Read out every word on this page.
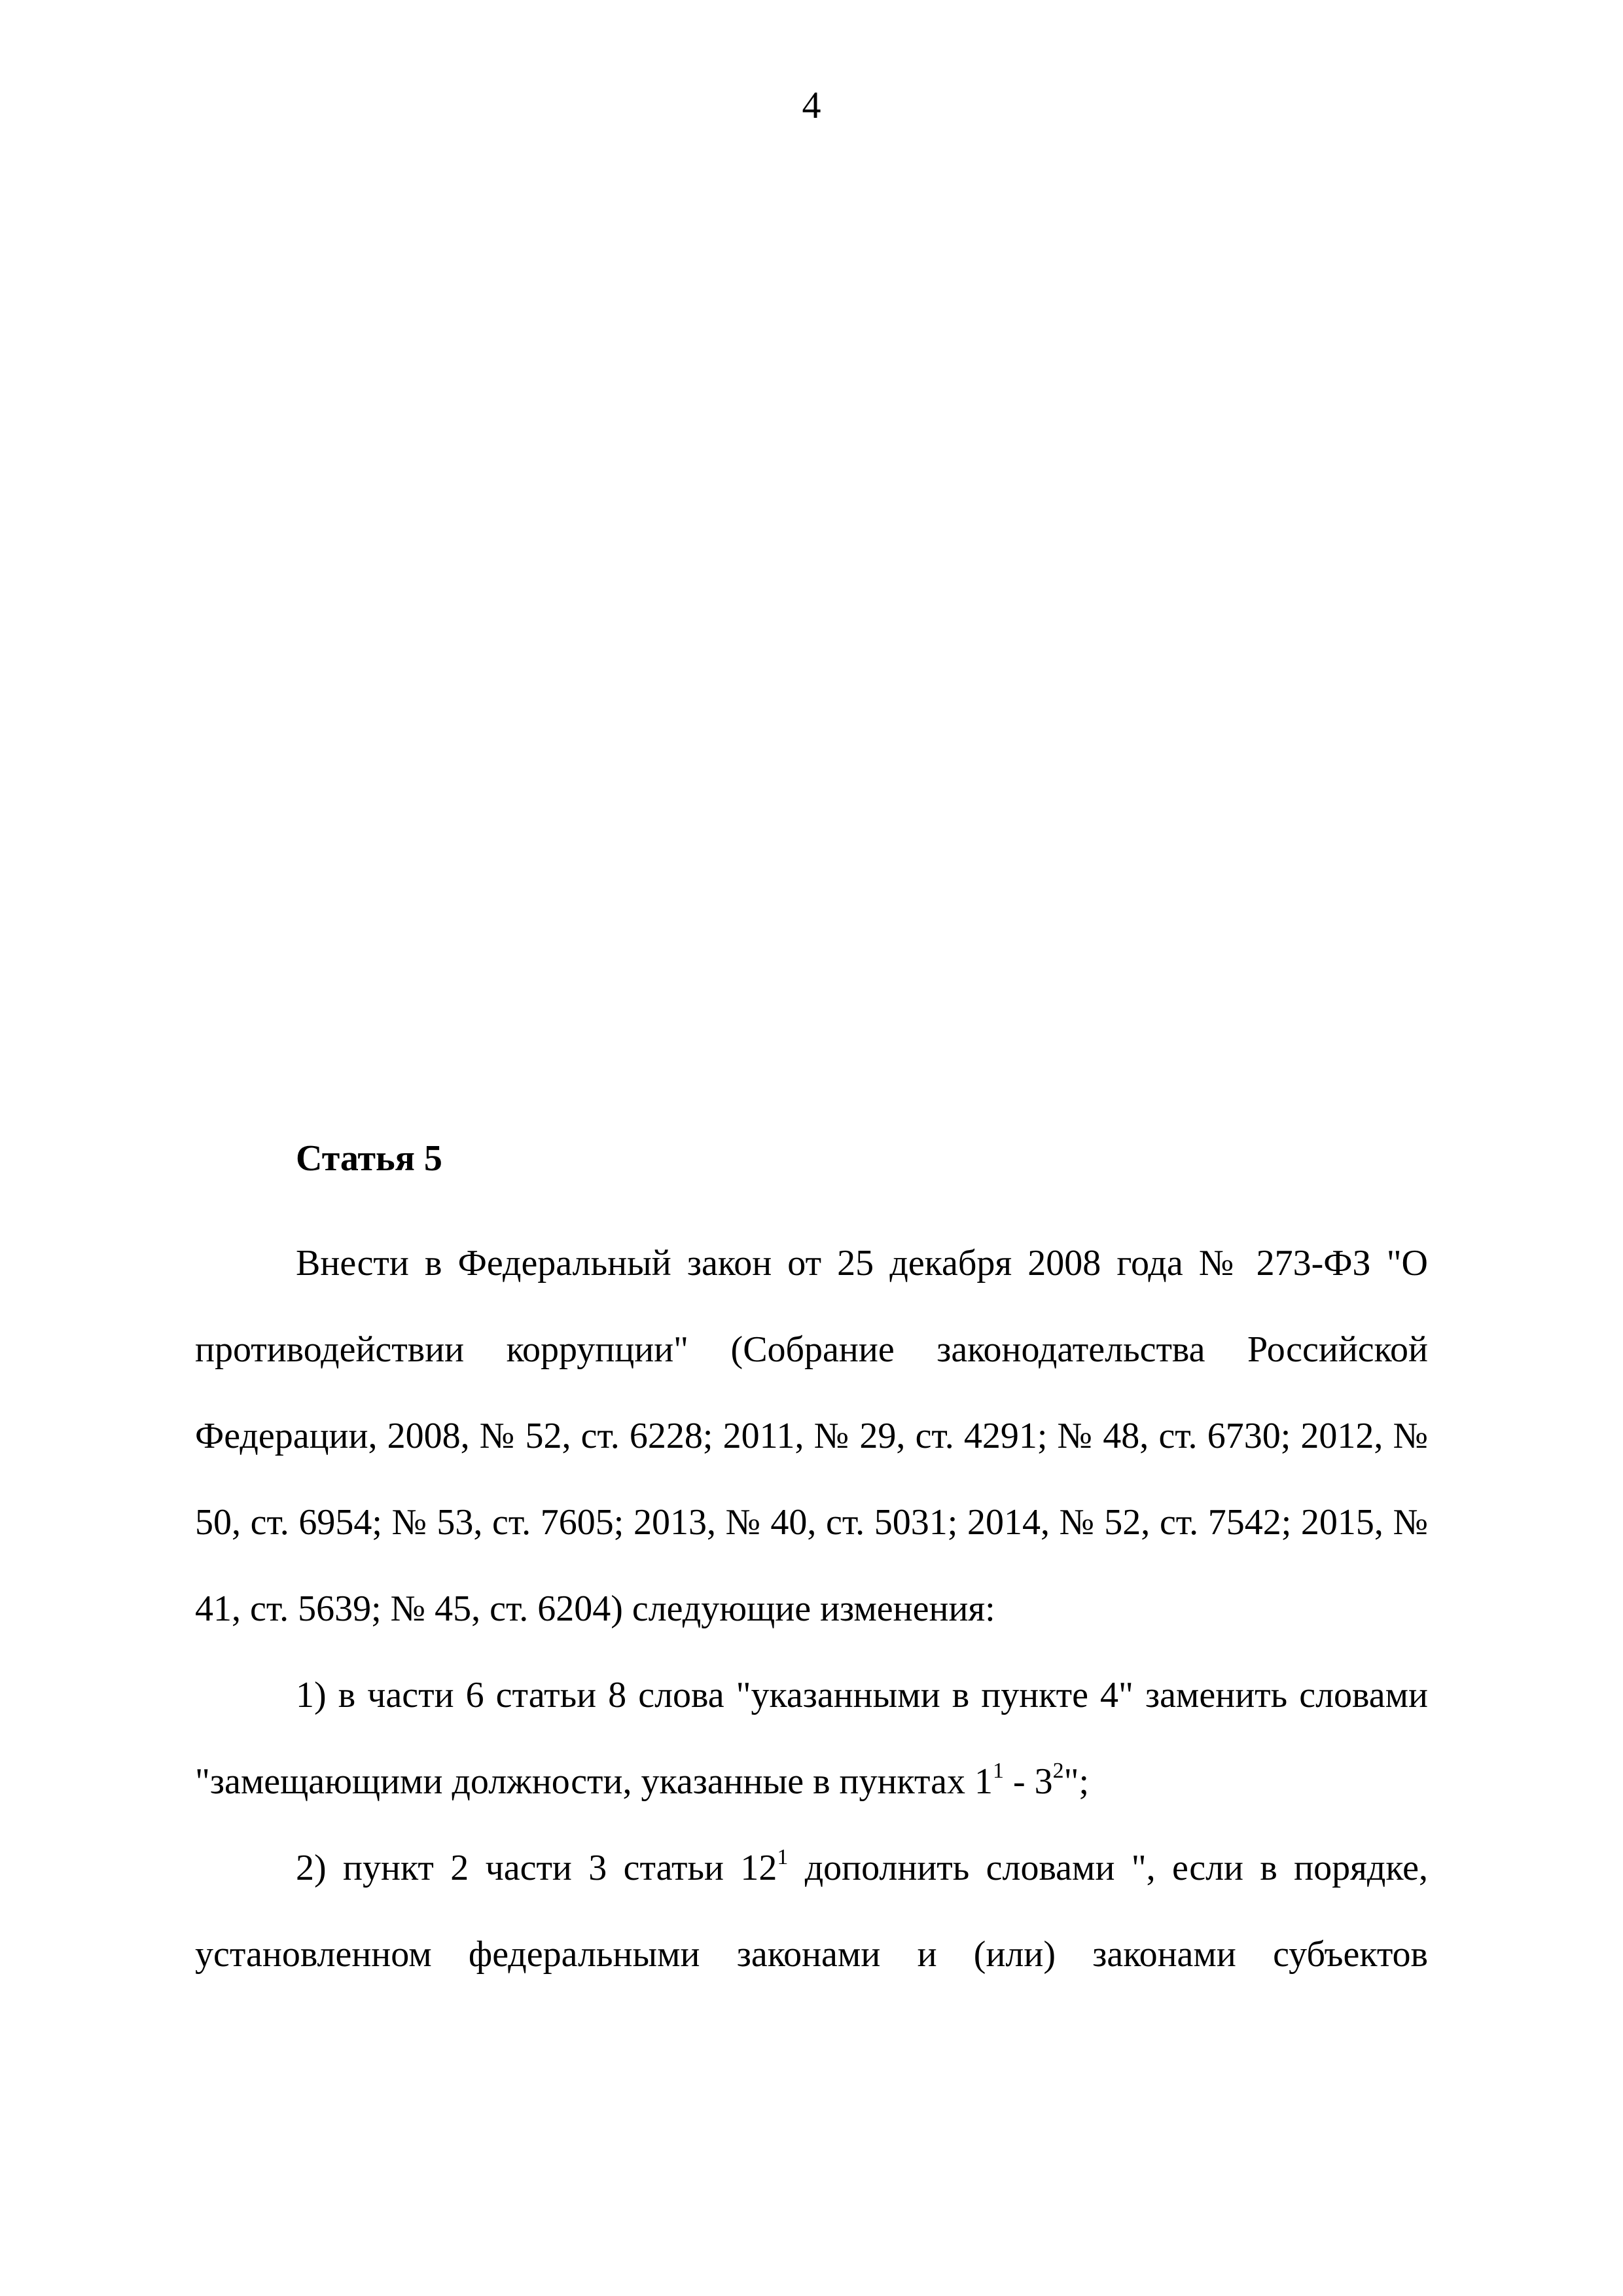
4
Статья 5

Внести в Федеральный закон от 25 декабря 2008 года № 273-ФЗ "О противодействии коррупции" (Собрание законодательства Российской Федерации, 2008, № 52, ст. 6228; 2011, № 29, ст. 4291; № 48, ст. 6730; 2012, № 50, ст. 6954; № 53, ст. 7605; 2013, № 40, ст. 5031; 2014, № 52, ст. 7542; 2015, № 41, ст. 5639; № 45, ст. 6204) следующие изменения:

1) в части 6 статьи 8 слова "указанными в пункте 4" заменить словами "замещающими должности, указанные в пунктах $1^1 - 3^2$";

2) пункт 2 части 3 статьи $12^1$ дополнить словами ", если в порядке, установленном федеральными законами и (или) законами субъектов
